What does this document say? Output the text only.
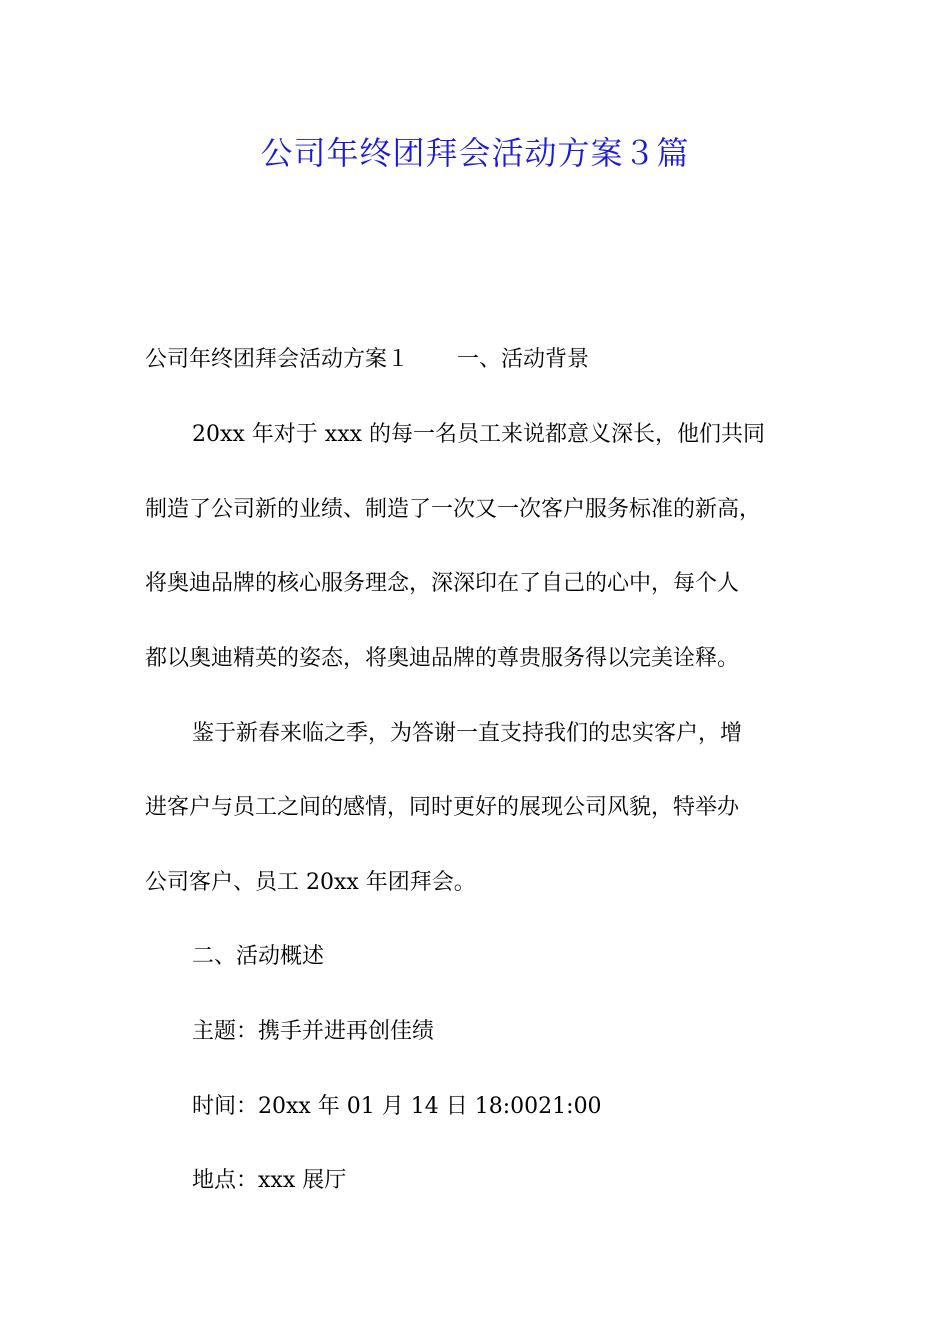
公司年终团拜会活动方案３篇
公司年终团拜会活动方案１ 一、活动背景
20xx 年对于 xxx 的每一名员工来说都意义深长，他们共同
制造了公司新的业绩、制造了一次又一次客户服务标准的新高，
将奥迪品牌的核心服务理念，深深印在了自己的心中，每个人
都以奥迪精英的姿态，将奥迪品牌的尊贵服务得以完美诠释。
鉴于新春来临之季，为答谢一直支持我们的忠实客户，增
进客户与员工之间的感情，同时更好的展现公司风貌，特举办
公司客户、员工 20xx 年团拜会。
二、活动概述
主题：携手并进再创佳绩
时间：20xx 年 01 月 14 日 18:0021:00
地点：xxx 展厅
